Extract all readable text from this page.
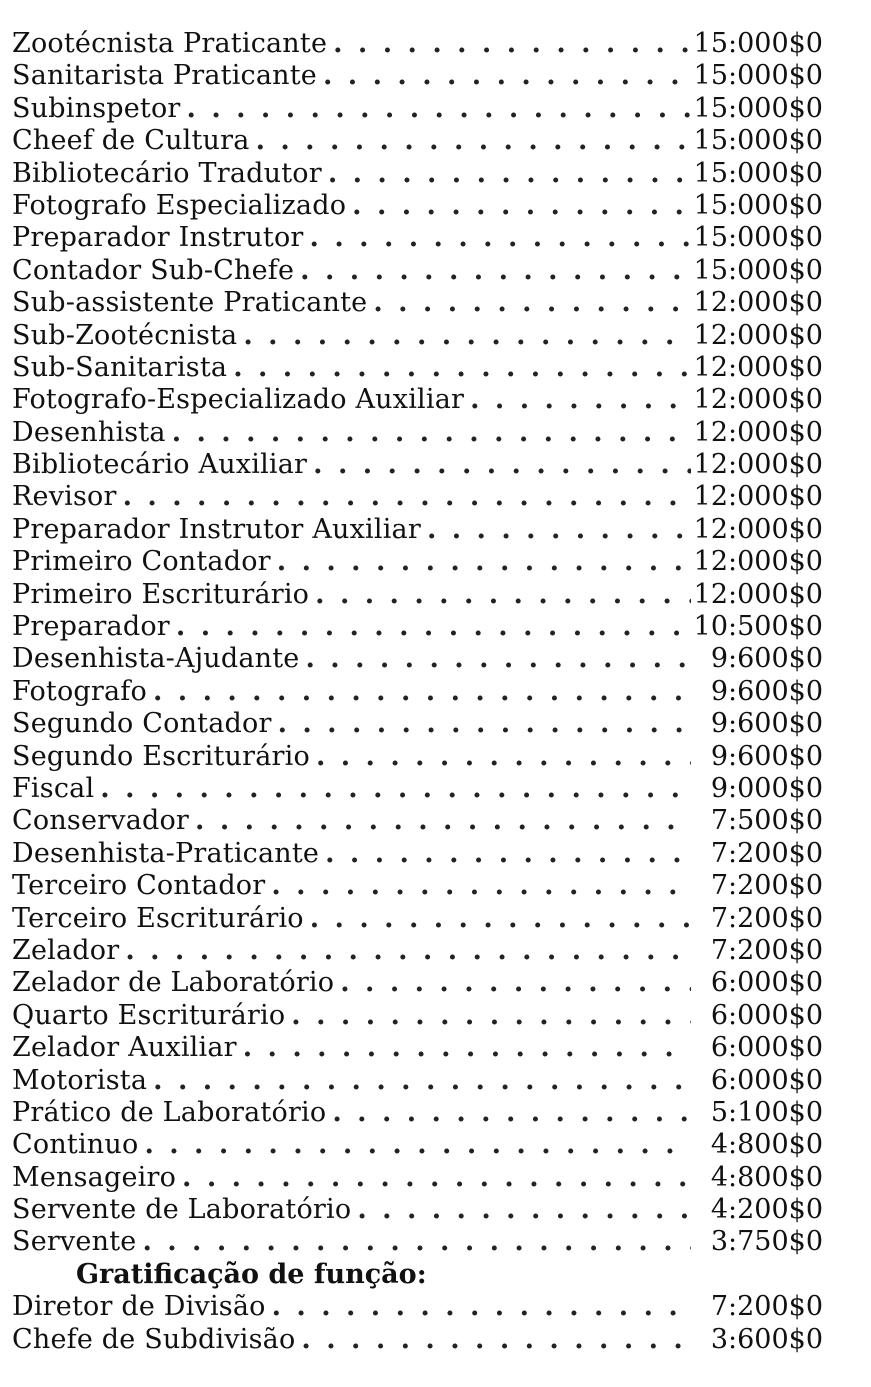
Zootécnista Praticante . . .	15:000$0
Sanitarista Praticante . . .	15:000$0
Subinspetor . . .	15:000$0
Cheef de Cultura . . .	15:000$0
Bibliotecário Tradutor . . .	15:000$0
Fotografo Especializado . . .	15:000$0
Preparador Instrutor . . .	15:000$0
Contador Sub-Chefe . . .	15:000$0
Sub-assistente Praticante . . .	12:000$0
Sub-Zootécnista . . .	12:000$0
Sub-Sanitarista . . .	12:000$0
Fotografo-Especializado Auxiliar . . .	12:000$0
Desenhista . . .	12:000$0
Bibliotecário Auxiliar . . .	12:000$0
Revisor . . .	12:000$0
Preparador Instrutor Auxiliar . . .	12:000$0
Primeiro Contador . . .	12:000$0
Primeiro Escriturário . . .	12:000$0
Preparador . . .	10:500$0
Desenhista-Ajudante . . .	9:600$0
Fotografo . . .	9:600$0
Segundo Contador . . .	9:600$0
Segundo Escriturário . . .	9:600$0
Fiscal . . .	9:000$0
Conservador . . .	7:500$0
Desenhista-Praticante . . .	7:200$0
Terceiro Contador . . .	7:200$0
Terceiro Escriturário . . .	7:200$0
Zelador . . .	7:200$0
Zelador de Laboratório . . .	6:000$0
Quarto Escriturário . . .	6:000$0
Zelador Auxiliar . . .	6:000$0
Motorista . . .	6:000$0
Prático de Laboratório . . .	5:100$0
Continuo . . .	4:800$0
Mensageiro . . .	4:800$0
Servente de Laboratório . . .	4:200$0
Servente . . .	3:750$0
Gratificação de função:
Diretor de Divisão . . .	7:200$0
Chefe de Subdivisão . . .	3:600$0
